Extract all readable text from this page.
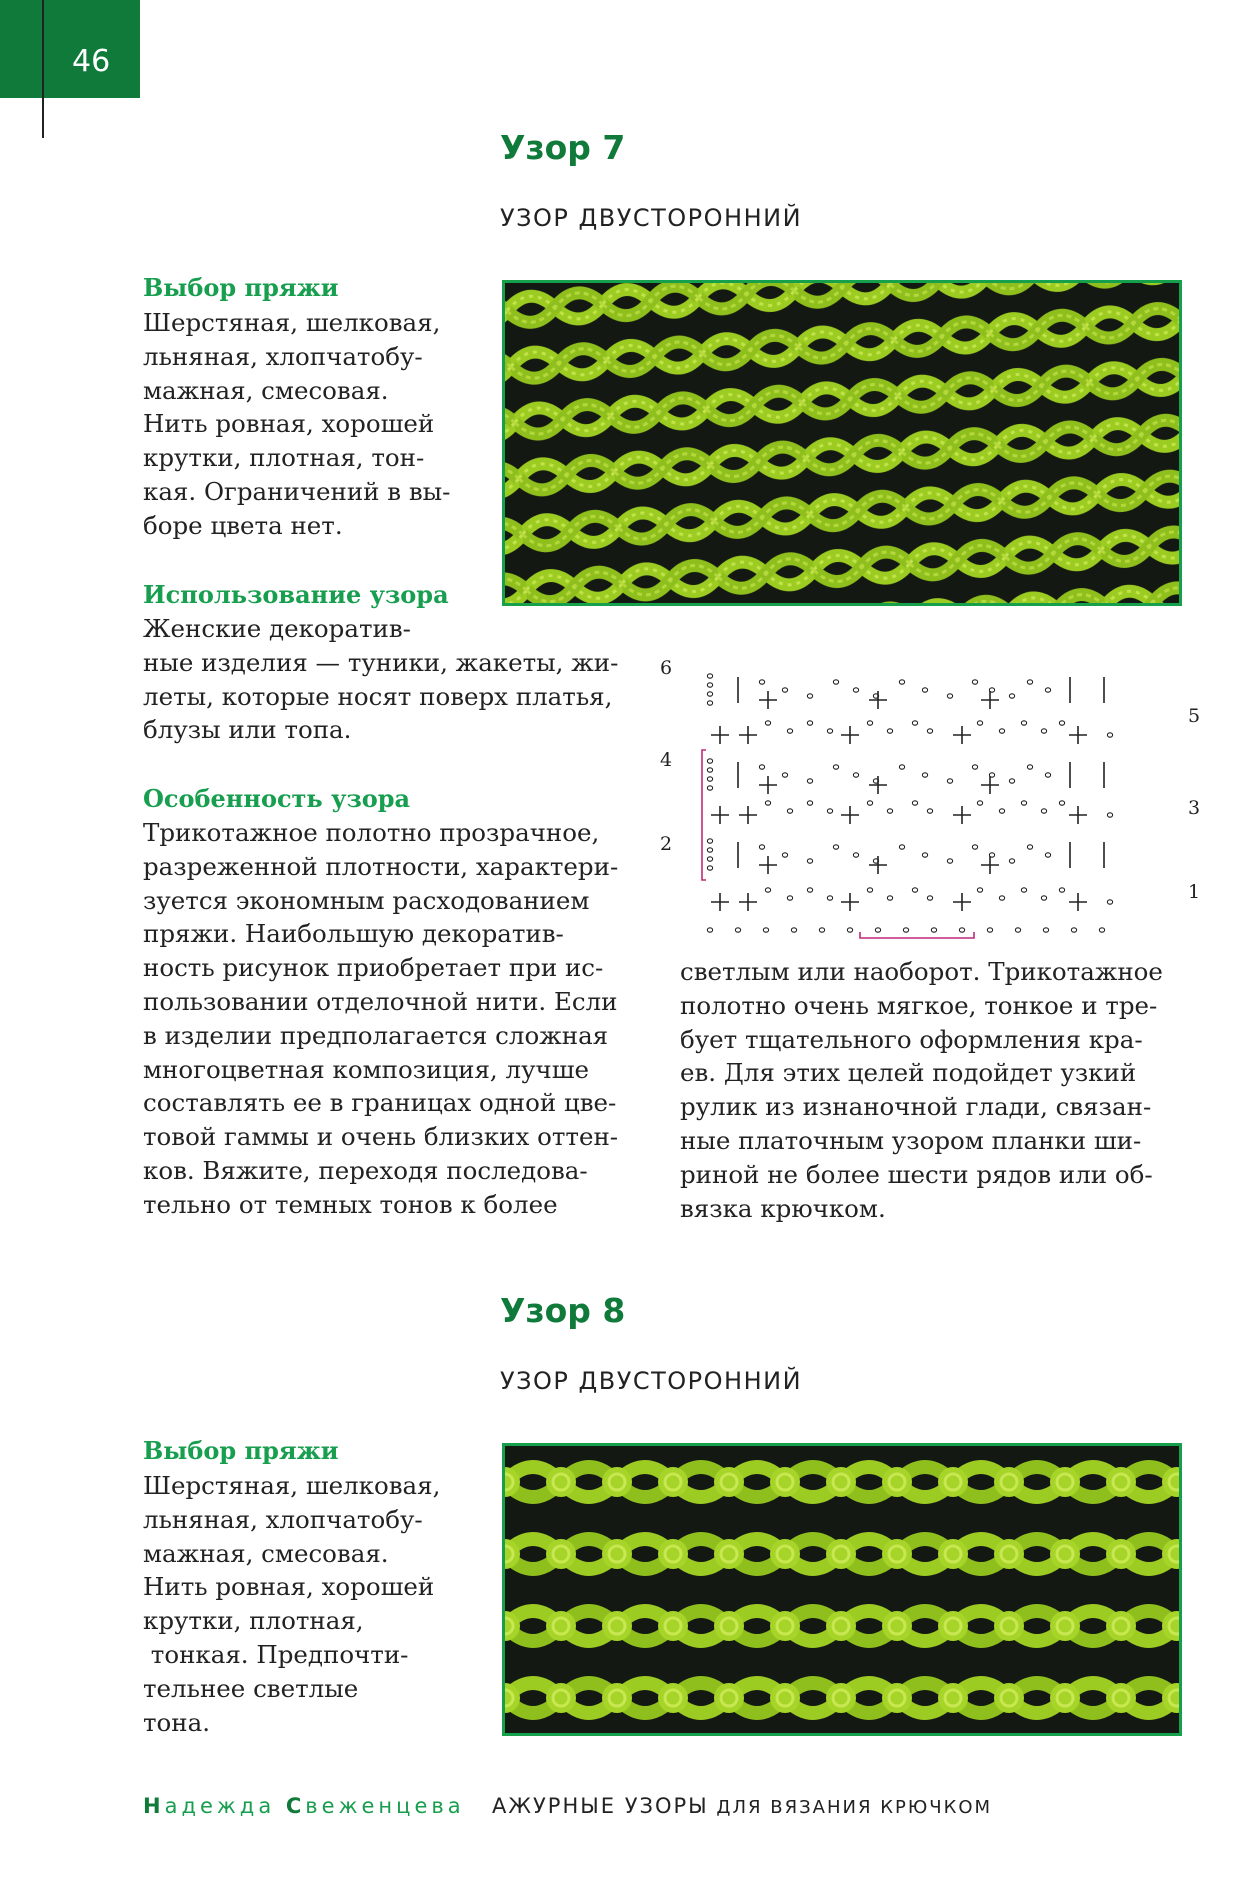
46
Узор 7
УЗОР ДВУСТОРОННИЙ
Выбор пряжи
Шерстяная, шелковая,
льняная, хлопчатобу-
мажная, смесовая.
Нить ровная, хорошей
крутки, плотная, тон-
кая. Ограничений в вы-
боре цвета нет.
Использование узора
Женские декоратив-
ные изделия — туники, жакеты, жи-
леты, которые носят поверх платья,
блузы или топа.
Особенность узора
Трикотажное полотно прозрачное,
разреженной плотности, характери-
зуется экономным расходованием
пряжи. Наибольшую декоратив-
ность рисунок приобретает при ис-
пользовании отделочной нити. Если
в изделии предполагается сложная
многоцветная композиция, лучше
составлять ее в границах одной цве-
товой гаммы и очень близких оттен-
ков. Вяжите, переходя последова-
тельно от темных тонов к более
светлым или наоборот. Трикотажное
полотно очень мягкое, тонкое и тре-
бует тщательного оформления кра-
ев. Для этих целей подойдет узкий
рулик из изнаночной глади, связан-
ные платочным узором планки ши-
риной не более шести рядов или об-
вязка крючком.
6
4
2
5
3
1
Узор 8
УЗОР ДВУСТОРОННИЙ
Выбор пряжи
Шерстяная, шелковая,
льняная, хлопчатобу-
мажная, смесовая.
Нить ровная, хорошей
крутки, плотная,
тонкая. Предпочти-
тельнее светлые
тона.
Надежда Свеженцева АЖУРНЫЕ УЗОРЫ ДЛЯ ВЯЗАНИЯ КРЮЧКОМ
